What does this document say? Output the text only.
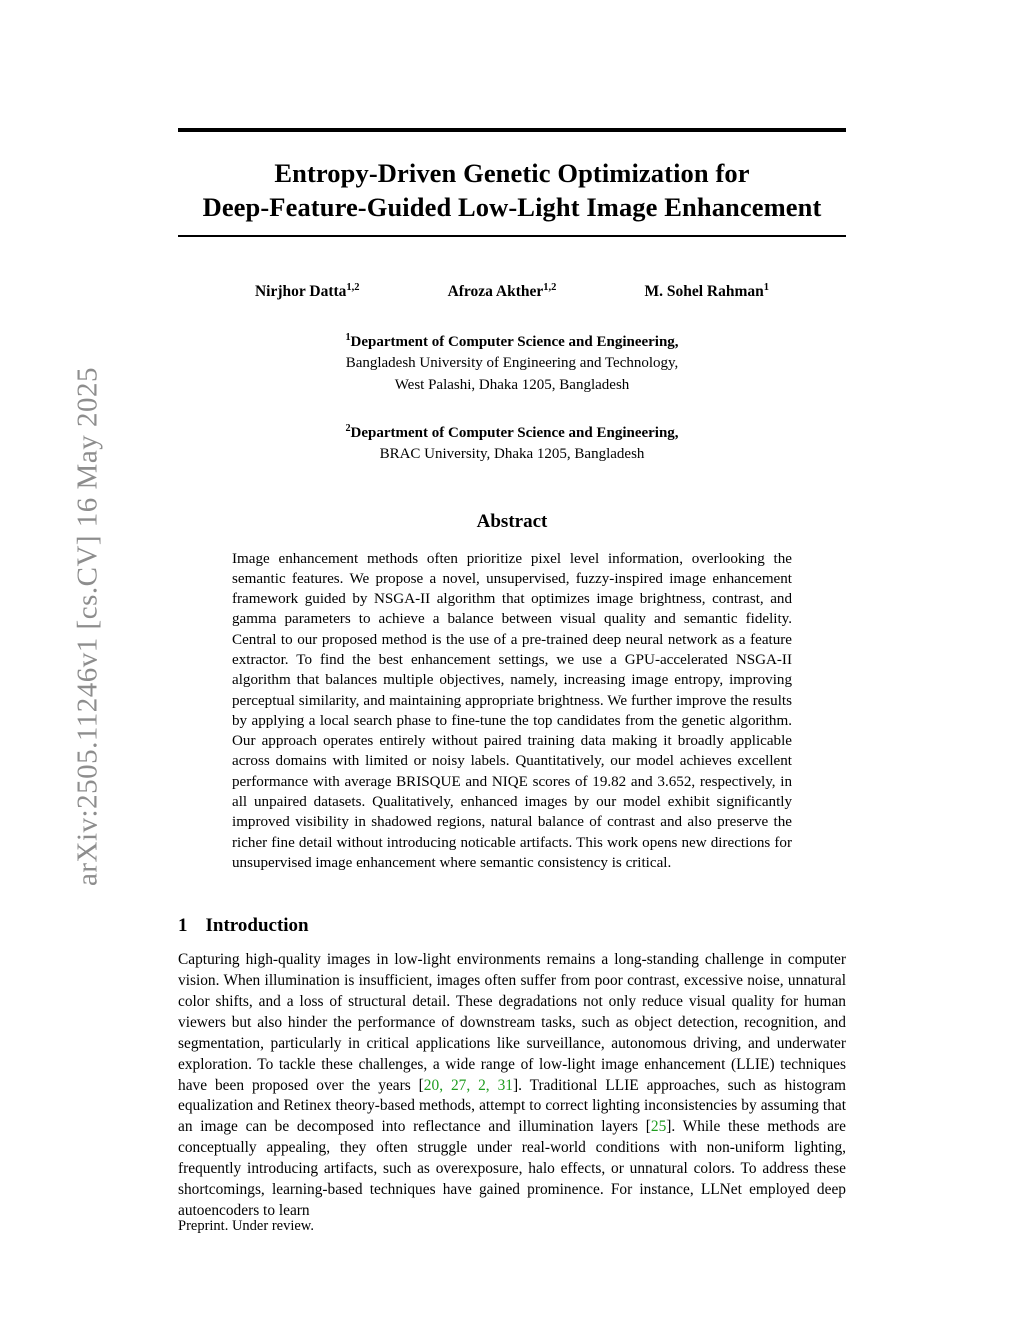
arXiv:2505.11246v1 [cs.CV] 16 May 2025
Entropy-Driven Genetic Optimization for
Deep-Feature-Guided Low-Light Image Enhancement
Nirjhor Datta$^{1,2}$	Afroza Akther$^{1,2}$	M. Sohel Rahman$^1$
$^1$Department of Computer Science and Engineering,
Bangladesh University of Engineering and Technology,
West Palashi, Dhaka 1205, Bangladesh
$^2$Department of Computer Science and Engineering,
BRAC University, Dhaka 1205, Bangladesh
Abstract
Image enhancement methods often prioritize pixel level information, overlooking the semantic features. We propose a novel, unsupervised, fuzzy-inspired image enhancement framework guided by NSGA-II algorithm that optimizes image brightness, contrast, and gamma parameters to achieve a balance between visual quality and semantic fidelity. Central to our proposed method is the use of a pre-trained deep neural network as a feature extractor. To find the best enhancement settings, we use a GPU-accelerated NSGA-II algorithm that balances multiple objectives, namely, increasing image entropy, improving perceptual similarity, and maintaining appropriate brightness. We further improve the results by applying a local search phase to fine-tune the top candidates from the genetic algorithm. Our approach operates entirely without paired training data making it broadly applicable across domains with limited or noisy labels. Quantitatively, our model achieves excellent performance with average BRISQUE and NIQE scores of 19.82 and 3.652, respectively, in all unpaired datasets. Qualitatively, enhanced images by our model exhibit significantly improved visibility in shadowed regions, natural balance of contrast and also preserve the richer fine detail without introducing noticable artifacts. This work opens new directions for unsupervised image enhancement where semantic consistency is critical.
1 Introduction
Capturing high-quality images in low-light environments remains a long-standing challenge in computer vision. When illumination is insufficient, images often suffer from poor contrast, excessive noise, unnatural color shifts, and a loss of structural detail. These degradations not only reduce visual quality for human viewers but also hinder the performance of downstream tasks, such as object detection, recognition, and segmentation, particularly in critical applications like surveillance, autonomous driving, and underwater exploration. To tackle these challenges, a wide range of low-light image enhancement (LLIE) techniques have been proposed over the years [20, 27, 2, 31]. Traditional LLIE approaches, such as histogram equalization and Retinex theory-based methods, attempt to correct lighting inconsistencies by assuming that an image can be decomposed into reflectance and illumination layers [25]. While these methods are conceptually appealing, they often struggle under real-world conditions with non-uniform lighting, frequently introducing artifacts, such as overexposure, halo effects, or unnatural colors. To address these shortcomings, learning-based techniques have gained prominence. For instance, LLNet employed deep autoencoders to learn
Preprint. Under review.
